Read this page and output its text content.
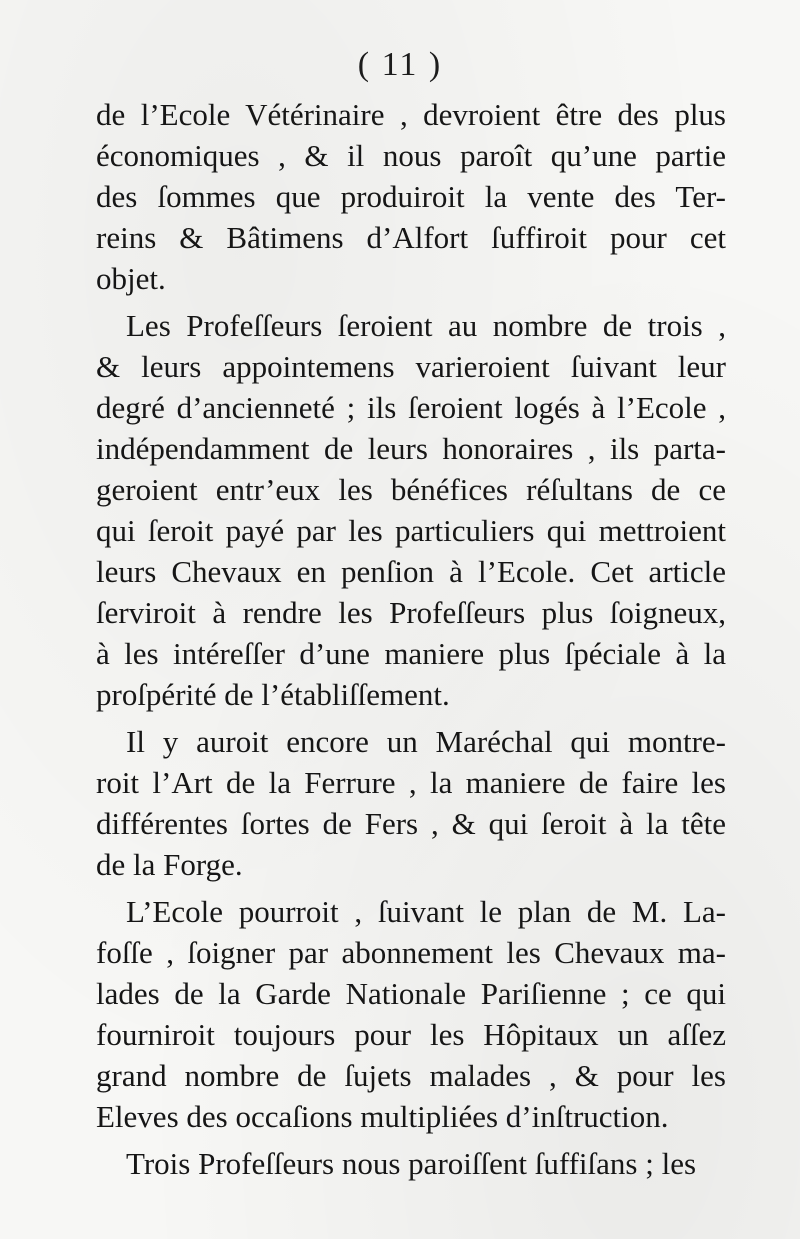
( 11 )
de l’Ecole Vétérinaire , devroient être des plus
économiques , & il nous paroît qu’une partie
des ſommes que produiroit la vente des Ter-
reins & Bâtimens d’Alfort ſuffiroit pour cet
objet.
Les Profeſſeurs ſeroient au nombre de trois ,
& leurs appointemens varieroient ſuivant leur
degré d’ancienneté ; ils ſeroient logés à l’Ecole ,
indépendamment de leurs honoraires , ils parta-
geroient entr’eux les bénéfices réſultans de ce
qui ſeroit payé par les particuliers qui mettroient
leurs Chevaux en penſion à l’Ecole. Cet article
ſerviroit à rendre les Profeſſeurs plus ſoigneux,
à les intéreſſer d’une maniere plus ſpéciale à la
proſpérité de l’établiſſement.
Il y auroit encore un Maréchal qui montre-
roit l’Art de la Ferrure , la maniere de faire les
différentes ſortes de Fers , & qui ſeroit à la tête
de la Forge.
L’Ecole pourroit , ſuivant le plan de M. La-
foſſe , ſoigner par abonnement les Chevaux ma-
lades de la Garde Nationale Pariſienne ; ce qui
fourniroit toujours pour les Hôpitaux un aſſez
grand nombre de ſujets malades , & pour les
Eleves des occaſions multipliées d’inſtruction.
Trois Profeſſeurs nous paroiſſent ſuffiſans ; les
